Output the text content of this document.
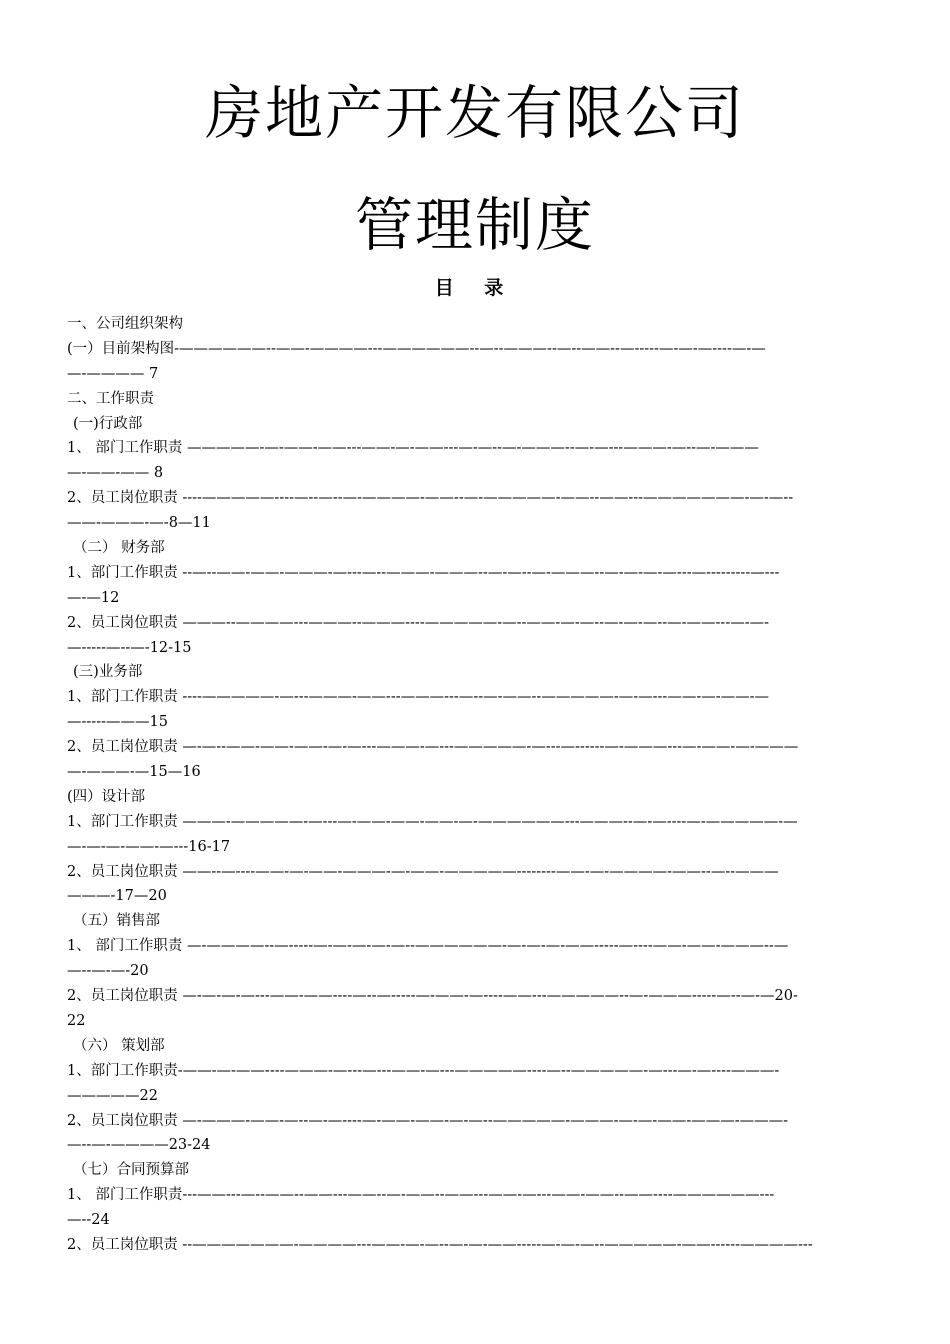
房地产开发有限公司
管理制度
目 录
一、公司组织架构
(一）目前架构图-——————--——-————---——————--—--———--—--——--—-----—-—-—----—-—
—-———— 7
二、工作职责
(一)行政部
1、 部门工作职责 —————-—-——-——---——-—-——---—-—--—-———--—-—---———-—--—-———
—-——-—— 8
2、员工岗位职责 ----—————----—--—--—-————-——--—-—————-——--——---———————-—-—--
——-———-—-8—11
（二） 财务部
1、部门工作职责 --—--——-——-———-—---—--———-———--—-—--—-———--—-—-—-—---—---------—---
—-—12
2、员工岗位职责 ———--————---———--———----—————-—--——-—-—--—-—-—--—-——---—-—-
—-----—--—-12-15
(三)业务部
1、部门工作职责 ----—————-—---———-——---———---—--—-——--—————-—-—---——-—-——-—
—-----———15
2、员工岗位职责 —-—--——-——-——-—-—---———-—---—————-—---—------—-———---—-——-—-———
—-———-—15—16
(四）设计部
1、部门工作职责 ———-—————-—---—-——-——-——-—-——————---———--—-—----—-—————-—
—-—-—-——-—---16-17
2、员工岗位职责 ——--—----——-—-——-———-—-——-—————--------——-—-————-——--—--———
———-17—20
（五）销售部
1、 部门工作职责 —-————--—-----—-—-—-—-—--——————-—-—-—-——-----—----——-——-———--—
—--—-—-20
2、员工岗位职责 —-—-—-—---——-——----—--—-----—-——-—----——---—————--—-———-----—--—-—20-
22
（六） 策划部
1、部门工作职责-——-—-——----———-—---—---——-—---—————----—--—————-—---—-—----———-
—————22
2、员工岗位职责 —-———-——-—--—-—----—-——-——-—-—--—————-———-—-—-——-———-———-
—--—-————23-24
（七）合同预算部
1、 部门工作职责---——---—--——--——---——--—-——--——---——-—---——-——--——----——————---
—--24
2、员工岗位职责 --———————-————---——-—-—--—-—-——-----—-—-—--—————-——------————---
